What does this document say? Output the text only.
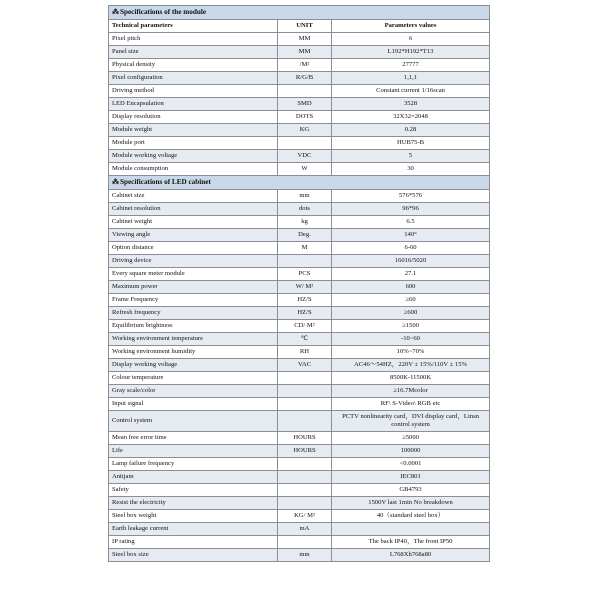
⁂Specifications of the module		
Technical parameters	UNIT	Parameters values
Pixel pitch	MM	6
Panel size	MM	L192*H192*T13
Physical density	/M²	27777
Pixel configuration	R/G/B	1,1,1
Driving method		Constant current 1/16scan
LED Encapsulation	SMD	3528
Display resolution	DOTS	32X32=2048
Module weight	KG	0.28
Module port		HUB75-B
Module working voltage	VDC	5
Module consumption	W	30
⁂Specifications of LED cabinet		
Cabinet size	mm	576*576
Cabinet resolution	dots	96*96
Cabinet weight	kg	6.5
Viewing angle	Deg.	140°
Option distance	M	6-60
Driving device		16016/5020
Every square meter module	PCS	27.1
Maximum power	W/ M²	600
Frame Frequency	HZ/S	≥60
Refresh frequency	HZ/S	≥600
Equilibrium brightness	CD/ M²	≥1500
Working environment temperature	℃	-10~60
Working environment humidity	RH	10%~70%
Display working voltage	VAC	AC46～54HZ，220V ± 15%/110V ± 15%
Colour temperature		8500K-11500K
Gray scale/color		≥16.7Mcolor
Input signal		RF\ S-Video\ RGB etc
Control system		PCTV nonlinearity card，DVI display card，Linsn control system
Mean free error time	HOURS	≥5000
Life	HOURS	100000
Lamp failure frequency		<0.0001
Antijam		IEC801
Safety		GB4793
Resist the electricity		1500V last 1min No breakdown
Steel box weight	KG/ M²	40（standard steel box）
Earth leakage current	mA	
IP rating		The back IP40，The front IP50
Steel box size	mm	L768Xh768a80
